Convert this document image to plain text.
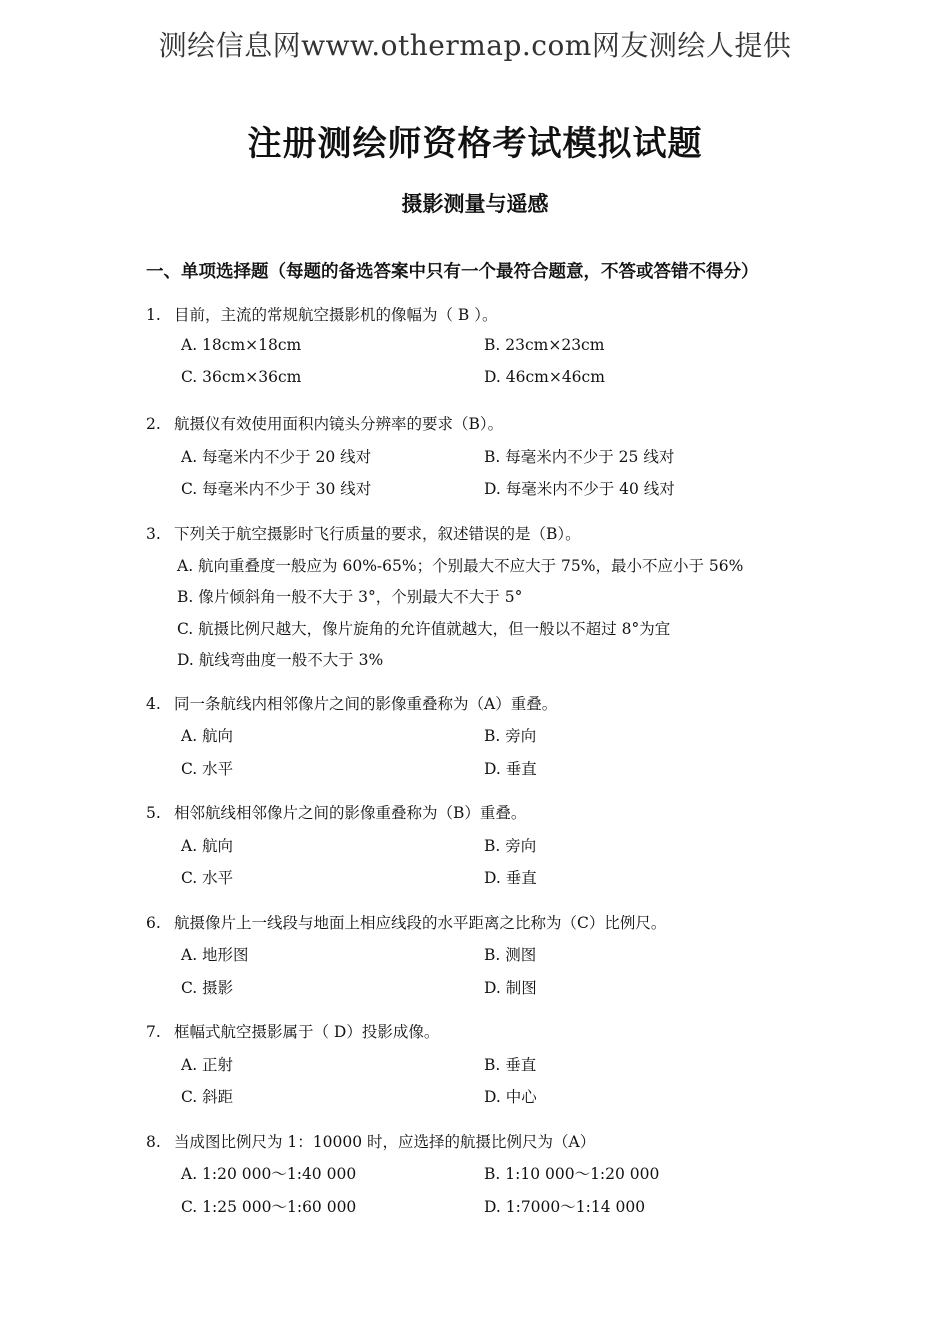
测绘信息网www.othermap.com网友测绘人提供
注册测绘师资格考试模拟试题
摄影测量与遥感
一、单项选择题（每题的备选答案中只有一个最符合题意，不答或答错不得分）
1. 目前，主流的常规航空摄影机的像幅为（ B ）。
A. 18cm×18cm	B. 23cm×23cm
C. 36cm×36cm	D. 46cm×46cm
2. 航摄仪有效使用面积内镜头分辨率的要求（B）。
A. 每毫米内不少于 20 线对	B. 每毫米内不少于 25 线对
C. 每毫米内不少于 30 线对	D. 每毫米内不少于 40 线对
3. 下列关于航空摄影时飞行质量的要求，叙述错误的是（B）。
A. 航向重叠度一般应为 60%-65%；个别最大不应大于 75%，最小不应小于 56%
B. 像片倾斜角一般不大于 3°，个别最大不大于 5°
C. 航摄比例尺越大，像片旋角的允许值就越大，但一般以不超过 8°为宜
D. 航线弯曲度一般不大于 3%
4. 同一条航线内相邻像片之间的影像重叠称为（A）重叠。
A. 航向	B. 旁向
C. 水平	D. 垂直
5. 相邻航线相邻像片之间的影像重叠称为（B）重叠。
A. 航向	B. 旁向
C. 水平	D. 垂直
6. 航摄像片上一线段与地面上相应线段的水平距离之比称为（C）比例尺。
A. 地形图	B. 测图
C. 摄影	D. 制图
7. 框幅式航空摄影属于（ D）投影成像。
A. 正射	B. 垂直
C. 斜距	D. 中心
8. 当成图比例尺为 1：10000 时，应选择的航摄比例尺为（A）
A. 1:20 000～1:40 000	B. 1:10 000～1:20 000
C. 1:25 000～1:60 000	D. 1:7000～1:14 000
